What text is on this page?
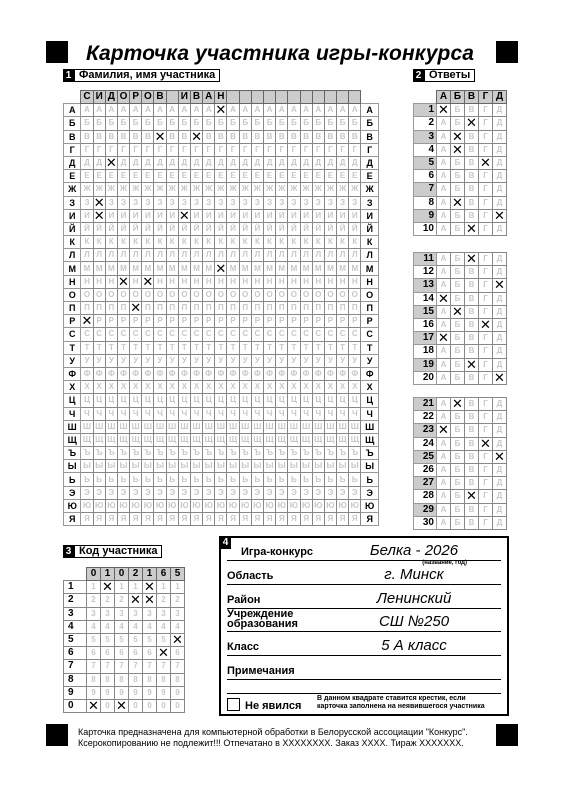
Карточка участника игры-конкурса
1 Фамилия, имя участника	2 Ответы
3 Код участника
	С	И	Д	О	Р	О	В		И	В	А	Н												
А	А	А	А	А	А	А	А	А	А	А	А	✕	А	А	А	А	А	А	А	А	А	А	А	А
Б	Б	Б	Б	Б	Б	Б	Б	Б	Б	Б	Б	Б	Б	Б	Б	Б	Б	Б	Б	Б	Б	Б	Б	Б
В	В	В	В	В	В	В	✕	В	В	✕	В	В	В	В	В	В	В	В	В	В	В	В	В	В
Г	Г	Г	Г	Г	Г	Г	Г	Г	Г	Г	Г	Г	Г	Г	Г	Г	Г	Г	Г	Г	Г	Г	Г	Г
Д	Д	Д	✕	Д	Д	Д	Д	Д	Д	Д	Д	Д	Д	Д	Д	Д	Д	Д	Д	Д	Д	Д	Д	Д
Е	Е	Е	Е	Е	Е	Е	Е	Е	Е	Е	Е	Е	Е	Е	Е	Е	Е	Е	Е	Е	Е	Е	Е	Е
Ж	Ж	Ж	Ж	Ж	Ж	Ж	Ж	Ж	Ж	Ж	Ж	Ж	Ж	Ж	Ж	Ж	Ж	Ж	Ж	Ж	Ж	Ж	Ж	Ж
З	З	✕	З	З	З	З	З	З	З	З	З	З	З	З	З	З	З	З	З	З	З	З	З	З
И	И	✕	И	И	И	И	И	И	✕	И	И	И	И	И	И	И	И	И	И	И	И	И	И	И
Й	Й	Й	Й	Й	Й	Й	Й	Й	Й	Й	Й	Й	Й	Й	Й	Й	Й	Й	Й	Й	Й	Й	Й	Й
К	К	К	К	К	К	К	К	К	К	К	К	К	К	К	К	К	К	К	К	К	К	К	К	К
Л	Л	Л	Л	Л	Л	Л	Л	Л	Л	Л	Л	Л	Л	Л	Л	Л	Л	Л	Л	Л	Л	Л	Л	Л
М	М	М	М	М	М	М	М	М	М	М	М	✕	М	М	М	М	М	М	М	М	М	М	М	М
Н	Н	Н	Н	✕	Н	✕	Н	Н	Н	Н	Н	Н	Н	Н	Н	Н	Н	Н	Н	Н	Н	Н	Н	Н
О	О	О	О	О	О	О	О	О	О	О	О	О	О	О	О	О	О	О	О	О	О	О	О	О
П	П	П	П	П	✕	П	П	П	П	П	П	П	П	П	П	П	П	П	П	П	П	П	П	П
Р	✕	Р	Р	Р	Р	Р	Р	Р	Р	Р	Р	Р	Р	Р	Р	Р	Р	Р	Р	Р	Р	Р	Р	Р
С	С	С	С	С	С	С	С	С	С	С	С	С	С	С	С	С	С	С	С	С	С	С	С	С
Т	Т	Т	Т	Т	Т	Т	Т	Т	Т	Т	Т	Т	Т	Т	Т	Т	Т	Т	Т	Т	Т	Т	Т	Т
У	У	У	У	У	У	У	У	У	У	У	У	У	У	У	У	У	У	У	У	У	У	У	У	У
Ф	Ф	Ф	Ф	Ф	Ф	Ф	Ф	Ф	Ф	Ф	Ф	Ф	Ф	Ф	Ф	Ф	Ф	Ф	Ф	Ф	Ф	Ф	Ф	Ф
Х	Х	Х	Х	Х	Х	Х	Х	Х	Х	Х	Х	Х	Х	Х	Х	Х	Х	Х	Х	Х	Х	Х	Х	Х
Ц	Ц	Ц	Ц	Ц	Ц	Ц	Ц	Ц	Ц	Ц	Ц	Ц	Ц	Ц	Ц	Ц	Ц	Ц	Ц	Ц	Ц	Ц	Ц	Ц
Ч	Ч	Ч	Ч	Ч	Ч	Ч	Ч	Ч	Ч	Ч	Ч	Ч	Ч	Ч	Ч	Ч	Ч	Ч	Ч	Ч	Ч	Ч	Ч	Ч
Ш	Ш	Ш	Ш	Ш	Ш	Ш	Ш	Ш	Ш	Ш	Ш	Ш	Ш	Ш	Ш	Ш	Ш	Ш	Ш	Ш	Ш	Ш	Ш	Ш
Щ	Щ	Щ	Щ	Щ	Щ	Щ	Щ	Щ	Щ	Щ	Щ	Щ	Щ	Щ	Щ	Щ	Щ	Щ	Щ	Щ	Щ	Щ	Щ	Щ
Ъ	Ъ	Ъ	Ъ	Ъ	Ъ	Ъ	Ъ	Ъ	Ъ	Ъ	Ъ	Ъ	Ъ	Ъ	Ъ	Ъ	Ъ	Ъ	Ъ	Ъ	Ъ	Ъ	Ъ	Ъ
Ы	Ы	Ы	Ы	Ы	Ы	Ы	Ы	Ы	Ы	Ы	Ы	Ы	Ы	Ы	Ы	Ы	Ы	Ы	Ы	Ы	Ы	Ы	Ы	Ы
Ь	Ь	Ь	Ь	Ь	Ь	Ь	Ь	Ь	Ь	Ь	Ь	Ь	Ь	Ь	Ь	Ь	Ь	Ь	Ь	Ь	Ь	Ь	Ь	Ь
Э	Э	Э	Э	Э	Э	Э	Э	Э	Э	Э	Э	Э	Э	Э	Э	Э	Э	Э	Э	Э	Э	Э	Э	Э
Ю	Ю	Ю	Ю	Ю	Ю	Ю	Ю	Ю	Ю	Ю	Ю	Ю	Ю	Ю	Ю	Ю	Ю	Ю	Ю	Ю	Ю	Ю	Ю	Ю
Я	Я	Я	Я	Я	Я	Я	Я	Я	Я	Я	Я	Я	Я	Я	Я	Я	Я	Я	Я	Я	Я	Я	Я	Я
	А	Б	В	Г	Д
1	✕	Б	В	Г	Д
2	А	Б	✕	Г	Д
3	А	✕	В	Г	Д
4	А	✕	В	Г	Д
5	А	Б	В	✕	Д
6	А	Б	В	Г	Д
7	А	Б	В	Г	Д
8	А	✕	В	Г	Д
9	А	Б	В	Г	✕
10	А	Б	✕	Г	Д
11	А	Б	✕	Г	Д
12	А	Б	В	Г	Д
13	А	Б	В	Г	✕
14	✕	Б	В	Г	Д
15	А	✕	В	Г	Д
16	А	Б	В	✕	Д
17	✕	Б	В	Г	Д
18	А	Б	В	Г	Д
19	А	Б	✕	Г	Д
20	А	Б	В	Г	✕
21	А	✕	В	Г	Д
22	А	Б	В	Г	Д
23	✕	Б	В	Г	Д
24	А	Б	В	✕	Д
25	А	Б	В	Г	✕
26	А	Б	В	Г	Д
27	А	Б	В	Г	Д
28	А	Б	✕	Г	Д
29	А	Б	В	Г	Д
30	А	Б	В	Г	Д
	0	1	0	2	1	6	5
1	1	✕	1	1	✕	1	1
2	2	2	2	✕	✕	2	2
3	3	3	3	3	3	3	3
4	4	4	4	4	4	4	4
5	5	5	5	5	5	5	✕
6	6	6	6	6	6	✕	6
7	7	7	7	7	7	7	7
8	8	8	8	8	8	8	8
9	9	9	9	9	9	9	9
0	✕	0	✕	0	0	0	0
4
Игра-конкурс	Белка - 2026
(название, год)
Область	г. Минск
Район	Ленинский
Учреждение образования	СШ №250
Класс	5 А класс
Примечания
Не явился
В данном квадрате ставится крестик, если карточка заполнена на неявившегося участника
Карточка предназначена для компьютерной обработки в Белорусской ассоциации "Конкурс". Ксерокопированию не подлежит!!! Отпечатано в ХХХХХХХХ. Заказ ХХХХ. Тираж ХХХХХХХ.
